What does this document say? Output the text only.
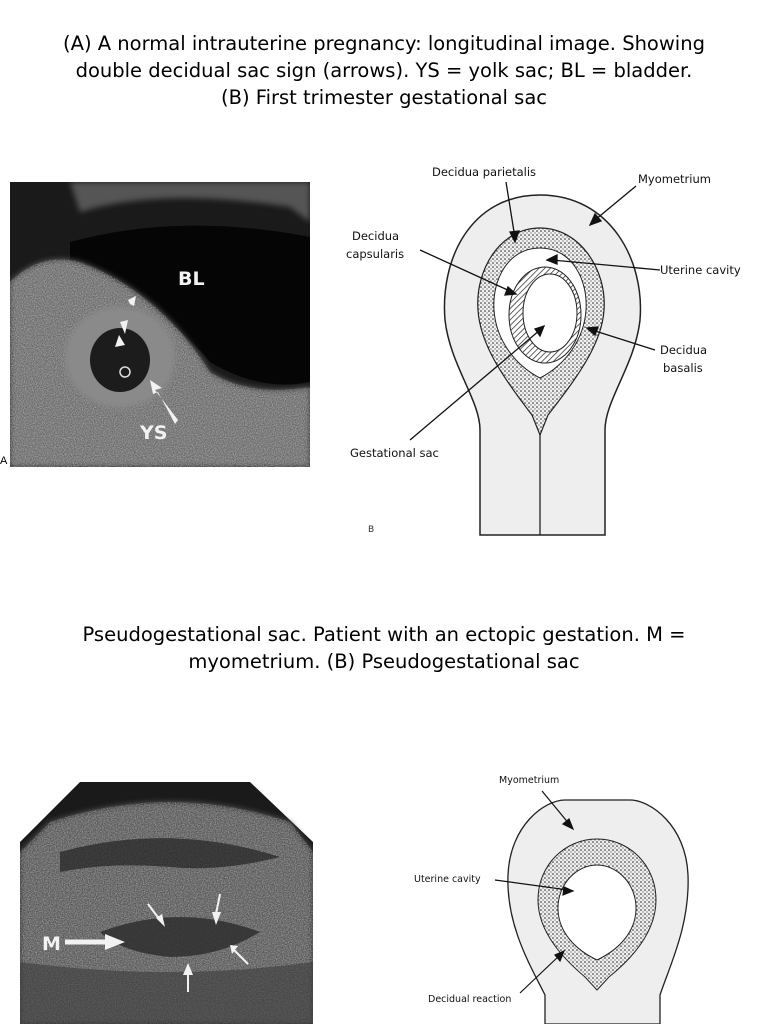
(A) A normal intrauterine pregnancy: longitudinal image. Showing
double decidual sac sign (arrows). YS = yolk sac; BL = bladder.
(B) First trimester gestational sac
BL
YS
A
Decidua parietalis	Myometrium
Decidua
capsularis
Uterine cavity
Decidua
basalis
Gestational sac
B
Pseudogestational sac. Patient with an ectopic gestation. M =
myometrium. (B) Pseudogestational sac
M
Myometrium
Uterine cavity
Decidual reaction
